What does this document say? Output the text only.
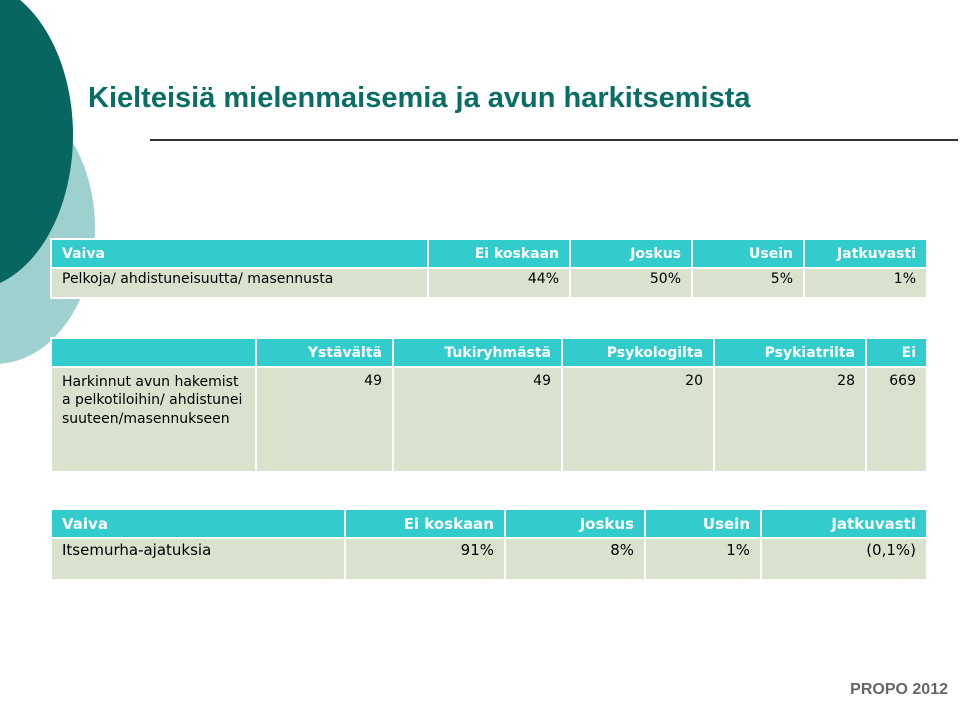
Kielteisiä mielenmaisemia ja avun harkitsemista
Vaiva	Ei koskaan	Joskus	Usein	Jatkuvasti
Pelkoja/ ahdistuneisuutta/ masennusta	44%	50%	5%	1%
	Ystävältä	Tukiryhmästä	Psykologilta	Psykiatrilta	Ei
Harkinnut avun hakemista pelkotiloihin/ ahdistuneisuuteen/masennukseen	49	49	20	28	669
Vaiva	Ei koskaan	Joskus	Usein	Jatkuvasti
Itsemurha-ajatuksia	91%	8%	1%	(0,1%)
PROPO 2012
